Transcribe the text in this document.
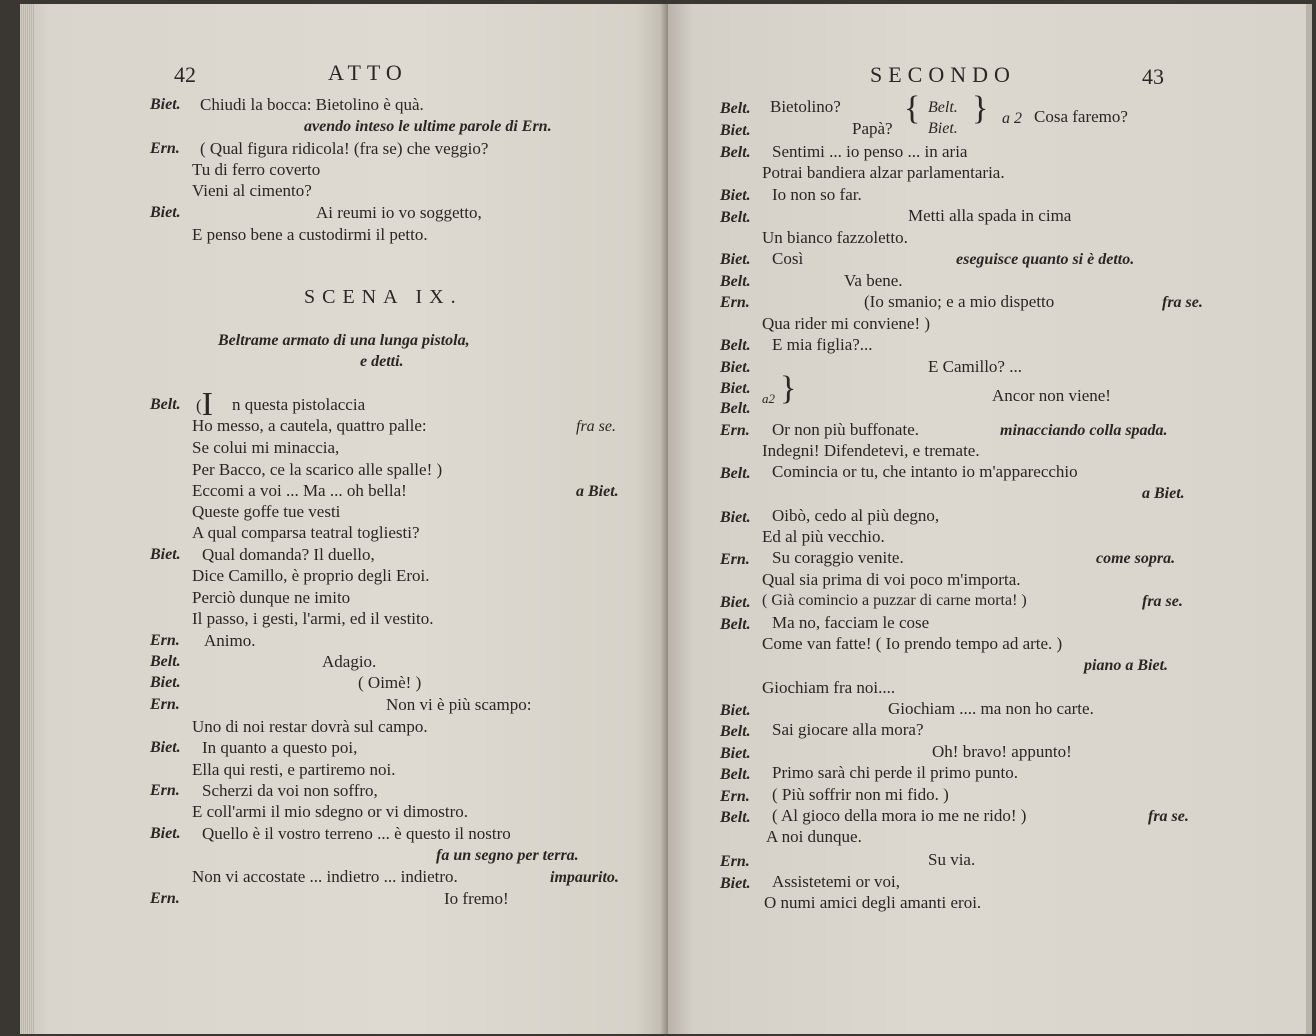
42	ATTO
Biet. Chiudi la bocca: Bietolino è quà.
avendo inteso le ultime parole di Ern.
Ern. ( Qual figura ridicola! (fra se) che veggio?
Tu di ferro coverto
Vieni al cimento?
Biet.	Ai reumi io vo soggetto,
E penso bene a custodirmi il petto.
SCENA IX.
Beltrame armato di una lunga pistola,
e detti.
Belt. (I n questa pistolaccia
Ho messo, a cautela, quattro palle:	fra se.
Se colui mi minaccia,
Per Bacco, ce la scarico alle spalle! )
Eccomi a voi ... Ma ... oh bella!	a Biet.
Queste goffe tue vesti
A qual comparsa teatral togliesti?
Biet. Qual domanda? Il duello,
Dice Camillo, è proprio degli Eroi.
Perciò dunque ne imito
Il passo, i gesti, l'armi, ed il vestito.
Ern. Animo.
Belt.	Adagio.
Biet.	( Oimè! )
Ern.	Non vi è più scampo:
Uno di noi restar dovrà sul campo.
Biet. In quanto a questo poi,
Ella qui resti, e partiremo noi.
Ern. Scherzi da voi non soffro,
E coll'armi il mio sdegno or vi dimostro.
Biet. Quello è il vostro terreno ... è questo il nostro
fa un segno per terra.
Non vi accostate ... indietro ... indietro.	impaurito.
Ern.	Io fremo!
SECONDO	43
Belt. Bietolino?
Biet.	Papà?
{ Belt.
Biet.
} a 2 Cosa faremo?
Belt. Sentimi ... io penso ... in aria
Potrai bandiera alzar parlamentaria.
Biet. Io non so far.
Belt.	Metti alla spada in cima
Un bianco fazzoletto.
Biet. Così	eseguisce quanto si è detto.
Belt.	Va bene.
Ern.	(Io smanio; e a mio dispetto	fra se.
Qua rider mi conviene! )
Belt. E mia figlia?...
Biet.	E Camillo? ...
Biet.
Belt.
a2 }	Ancor non viene!
Ern. Or non più buffonate.	minacciando colla spada.
Indegni! Difendetevi, e tremate.
Belt. Comincia or tu, che intanto io m'apparecchio
a Biet.
Biet. Oibò, cedo al più degno,
Ed al più vecchio.
Ern. Su coraggio venite.	come sopra.
Qual sia prima di voi poco m'importa.
Biet. ( Già comincio a puzzar di carne morta! )	fra se.
Belt. Ma no, facciam le cose
Come van fatte! ( Io prendo tempo ad arte. )
piano a Biet.
Giochiam fra noi....
Biet.	Giochiam .... ma non ho carte.
Belt. Sai giocare alla mora?
Biet.	Oh! bravo! appunto!
Belt. Primo sarà chi perde il primo punto.
Ern. ( Più soffrir non mi fido. )
Belt. ( Al gioco della mora io me ne rido! )	fra se.
A noi dunque.
Ern.	Su via.
Biet. Assistetemi or voi,
O numi amici degli amanti eroi.
